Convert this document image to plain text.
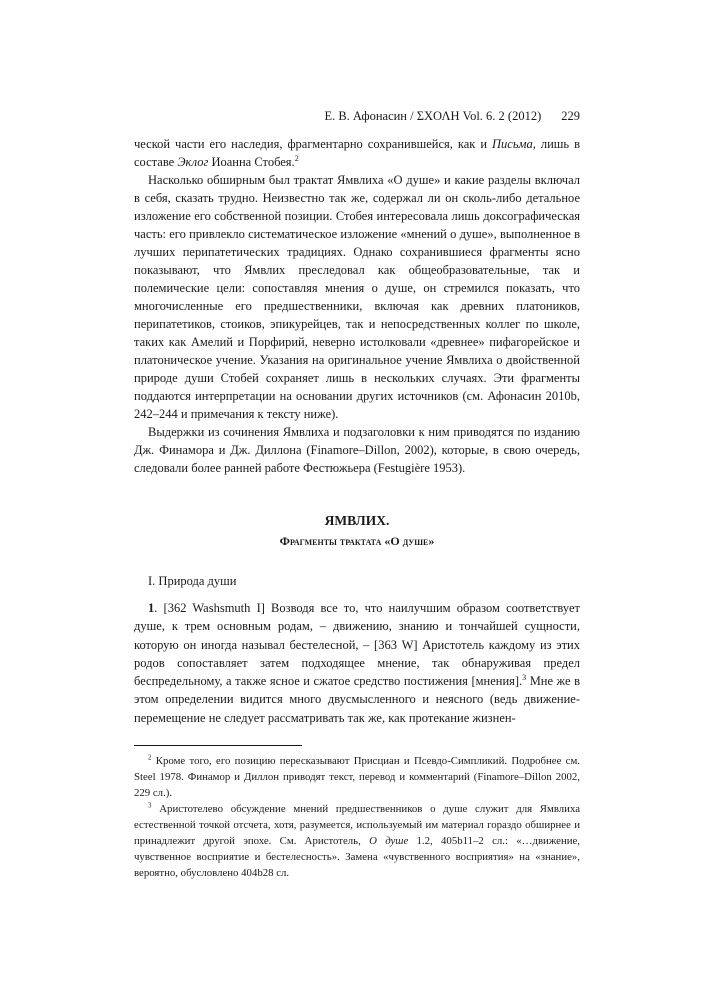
Е. В. Афонасин / ΣΧΟΛΗ Vol. 6. 2 (2012) 229

ческой части его наследия, фрагментарно сохранившейся, как и Письма, лишь в составе Эклог Иоанна Стобея.$^2$

Насколько обширным был трактат Ямвлиха «О душе» и какие разделы включал в себя, сказать трудно. Неизвестно так же, содержал ли он сколь-либо детальное изложение его собственной позиции. Стобея интересовала лишь доксографическая часть: его привлекло систематическое изложение «мнений о душе», выполненное в лучших перипатетических традициях. Однако сохранившиеся фрагменты ясно показывают, что Ямвлих преследовал как общеобразовательные, так и полемические цели: сопоставляя мнения о душе, он стремился показать, что многочисленные его предшественники, включая как древних платоников, перипатетиков, стоиков, эпикурейцев, так и непосредственных коллег по школе, таких как Амелий и Порфирий, неверно истолковали «древнее» пифагорейское и платоническое учение. Указания на оригинальное учение Ямвлиха о двойственной природе души Стобей сохраняет лишь в нескольких случаях. Эти фрагменты поддаются интерпретации на основании других источников (см. Афонасин 2010b, 242–244 и примечания к тексту ниже).

Выдержки из сочинения Ямвлиха и подзаголовки к ним приводятся по изданию Дж. Финамора и Дж. Диллона (Finamore–Dillon, 2002), которые, в свою очередь, следовали более ранней работе Фестюжьера (Festugière 1953).

ЯМВЛИХ.
Фрагменты трактата «О душе»
I. Природа души

1. [362 Washsmuth I] Возводя все то, что наилучшим образом соответствует душе, к трем основным родам, – движению, знанию и тончайшей сущности, которую он иногда называл бестелесной, – [363 W] Аристотель каждому из этих родов сопоставляет затем подходящее мнение, так обнаруживая предел беспредельному, а также ясное и сжатое средство постижения [мнения].$^3$ Мне же в этом определении видится много двусмысленного и неясного (ведь движение-перемещение не следует рассматривать так же, как протекание жизнен-

$^2$ Кроме того, его позицию пересказывают Присциан и Псевдо-Симпликий. Подробнее см. Steel 1978. Финамор и Диллон приводят текст, перевод и комментарий (Finamore–Dillon 2002, 229 сл.).

$^3$ Аристотелево обсуждение мнений предшественников о душе служит для Ямвлиха естественной точкой отсчета, хотя, разумеется, используемый им материал гораздо обширнее и принадлежит другой эпохе. См. Аристотель, О душе 1.2, 405b11–2 сл.: «…движение, чувственное восприятие и бестелесность». Замена «чувственного восприятия» на «знание», вероятно, обусловлено 404b28 сл.
